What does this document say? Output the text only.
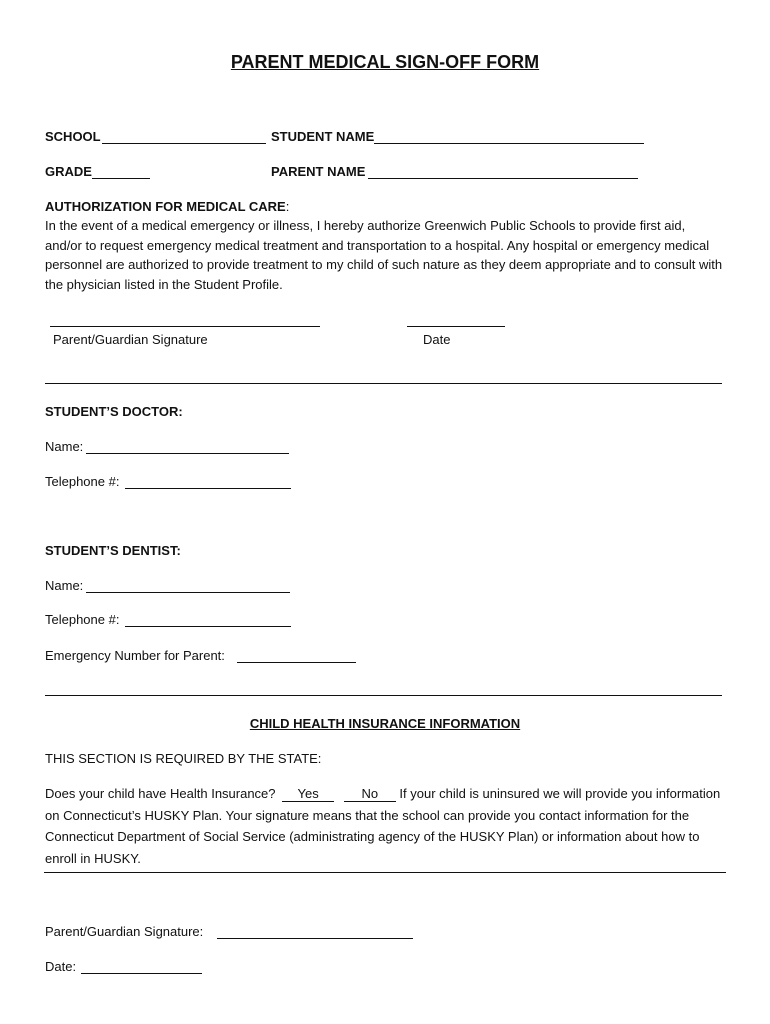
PARENT MEDICAL SIGN-OFF FORM
SCHOOL	STUDENT NAME
GRADE	PARENT NAME
AUTHORIZATION FOR MEDICAL CARE:
In the event of a medical emergency or illness, I hereby authorize Greenwich Public Schools to provide first aid, and/or to request emergency medical treatment and transportation to a hospital. Any hospital or emergency medical personnel are authorized to provide treatment to my child of such nature as they deem appropriate and to consult with the physician listed in the Student Profile.
Parent/Guardian Signature	Date
STUDENT’S DOCTOR:
Name:
Telephone #:
STUDENT’S DENTIST:
Name:
Telephone #:
Emergency Number for Parent:
CHILD HEALTH INSURANCE INFORMATION
THIS SECTION IS REQUIRED BY THE STATE:
Does your child have Health Insurance? Yes	No If your child is uninsured we will provide you information on Connecticut’s HUSKY Plan. Your signature means that the school can provide you contact information for the Connecticut Department of Social Service (administrating agency of the HUSKY Plan) or information about how to enroll in HUSKY.
Parent/Guardian Signature:
Date:
